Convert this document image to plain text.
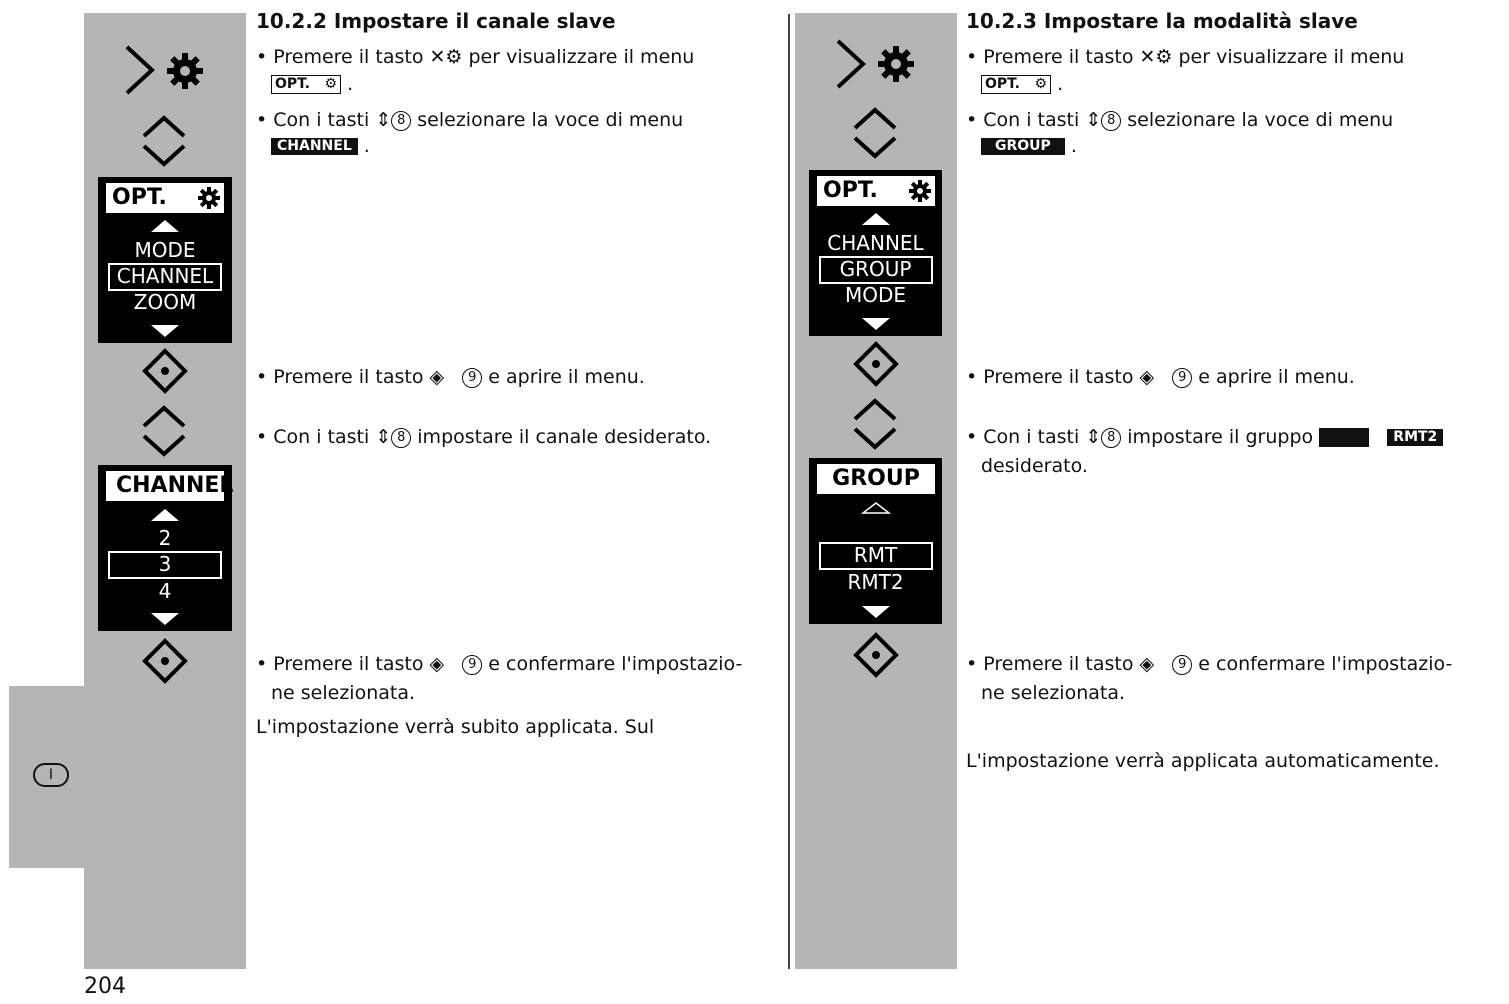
I
OPT.
MODE
CHANNEL
ZOOM
CHANNEL
2
3
4
10.2.2 Impostare il canale slave
• Premere il tasto ✕⚙ per visualizzare il menu
OPT.   ⚙ .
• Con i tasti ⇕ 8 selezionare la voce di menu
CHANNEL .
• Premere il tasto ◈ 9 e aprire il menu.
• Con i tasti ⇕ 8 impostare il canale desiderato.
• Premere il tasto ◈ 9 e confermare l'impostazio-
ne selezionata.
L'impostazione verrà subito applicata. Sul
OPT.
CHANNEL
GROUP
MODE
GROUP
RMT
RMT2
10.2.3 Impostare la modalità slave
• Premere il tasto ✕⚙ per visualizzare il menu
OPT.   ⚙ .
• Con i tasti ⇕ 8 selezionare la voce di menu
GROUP .
• Premere il tasto ◈ 9 e aprire il menu.
• Con i tasti ⇕ 8 impostare il gruppo	RMT2
desiderato.
• Premere il tasto ◈ 9 e confermare l'impostazio-
ne selezionata.
L'impostazione verrà applicata automaticamente.
204
